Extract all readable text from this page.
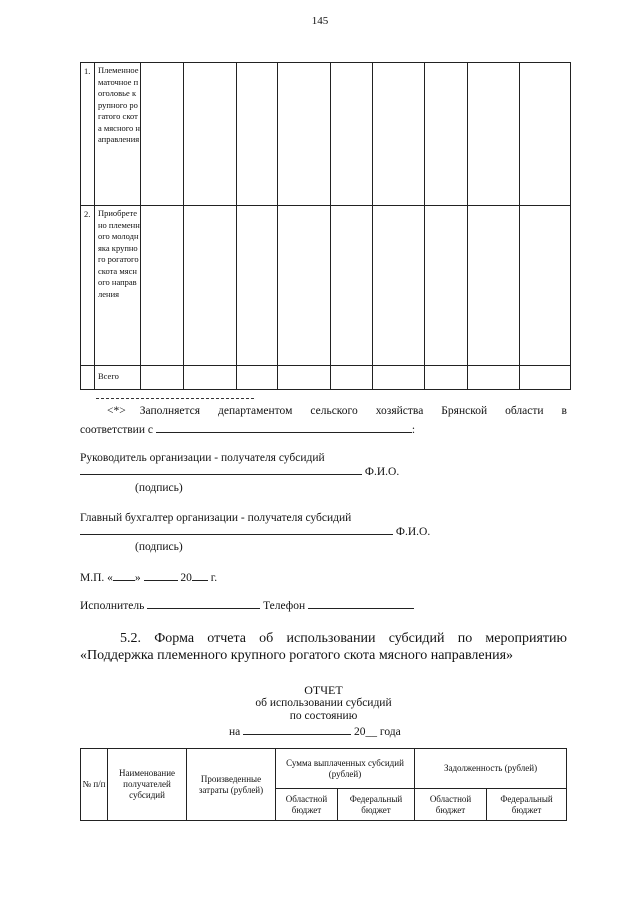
145
1.	Племенное маточное поголовье крупного рогатого скота мясного направления									
2.	Приобретено племенного молодняка крупного рогатого скота мясного направления									
	Всего									
<*>	Заполняется департаментом сельского хозяйства Брянской области в
соответствии с	:
Руководитель организации - получателя субсидий
Ф.И.О.
(подпись)
Главный бухгалтер организации - получателя субсидий
Ф.И.О.
(подпись)
М.П. « »	20 г.
Исполнитель	Телефон
5.2. Форма отчета об использовании субсидий по мероприятию
«Поддержка племенного крупного рогатого скота мясного направления»
ОТЧЕТ
об использовании субсидий
по состоянию
на	20__ года
№ п/п	Наименование получателей субсидий	Произведенные затраты (рублей)	Сумма выплаченных субсидий (рублей)		Задолженность (рублей)	
			Областной бюджет	Федеральный бюджет	Областной бюджет	Федеральный бюджет
